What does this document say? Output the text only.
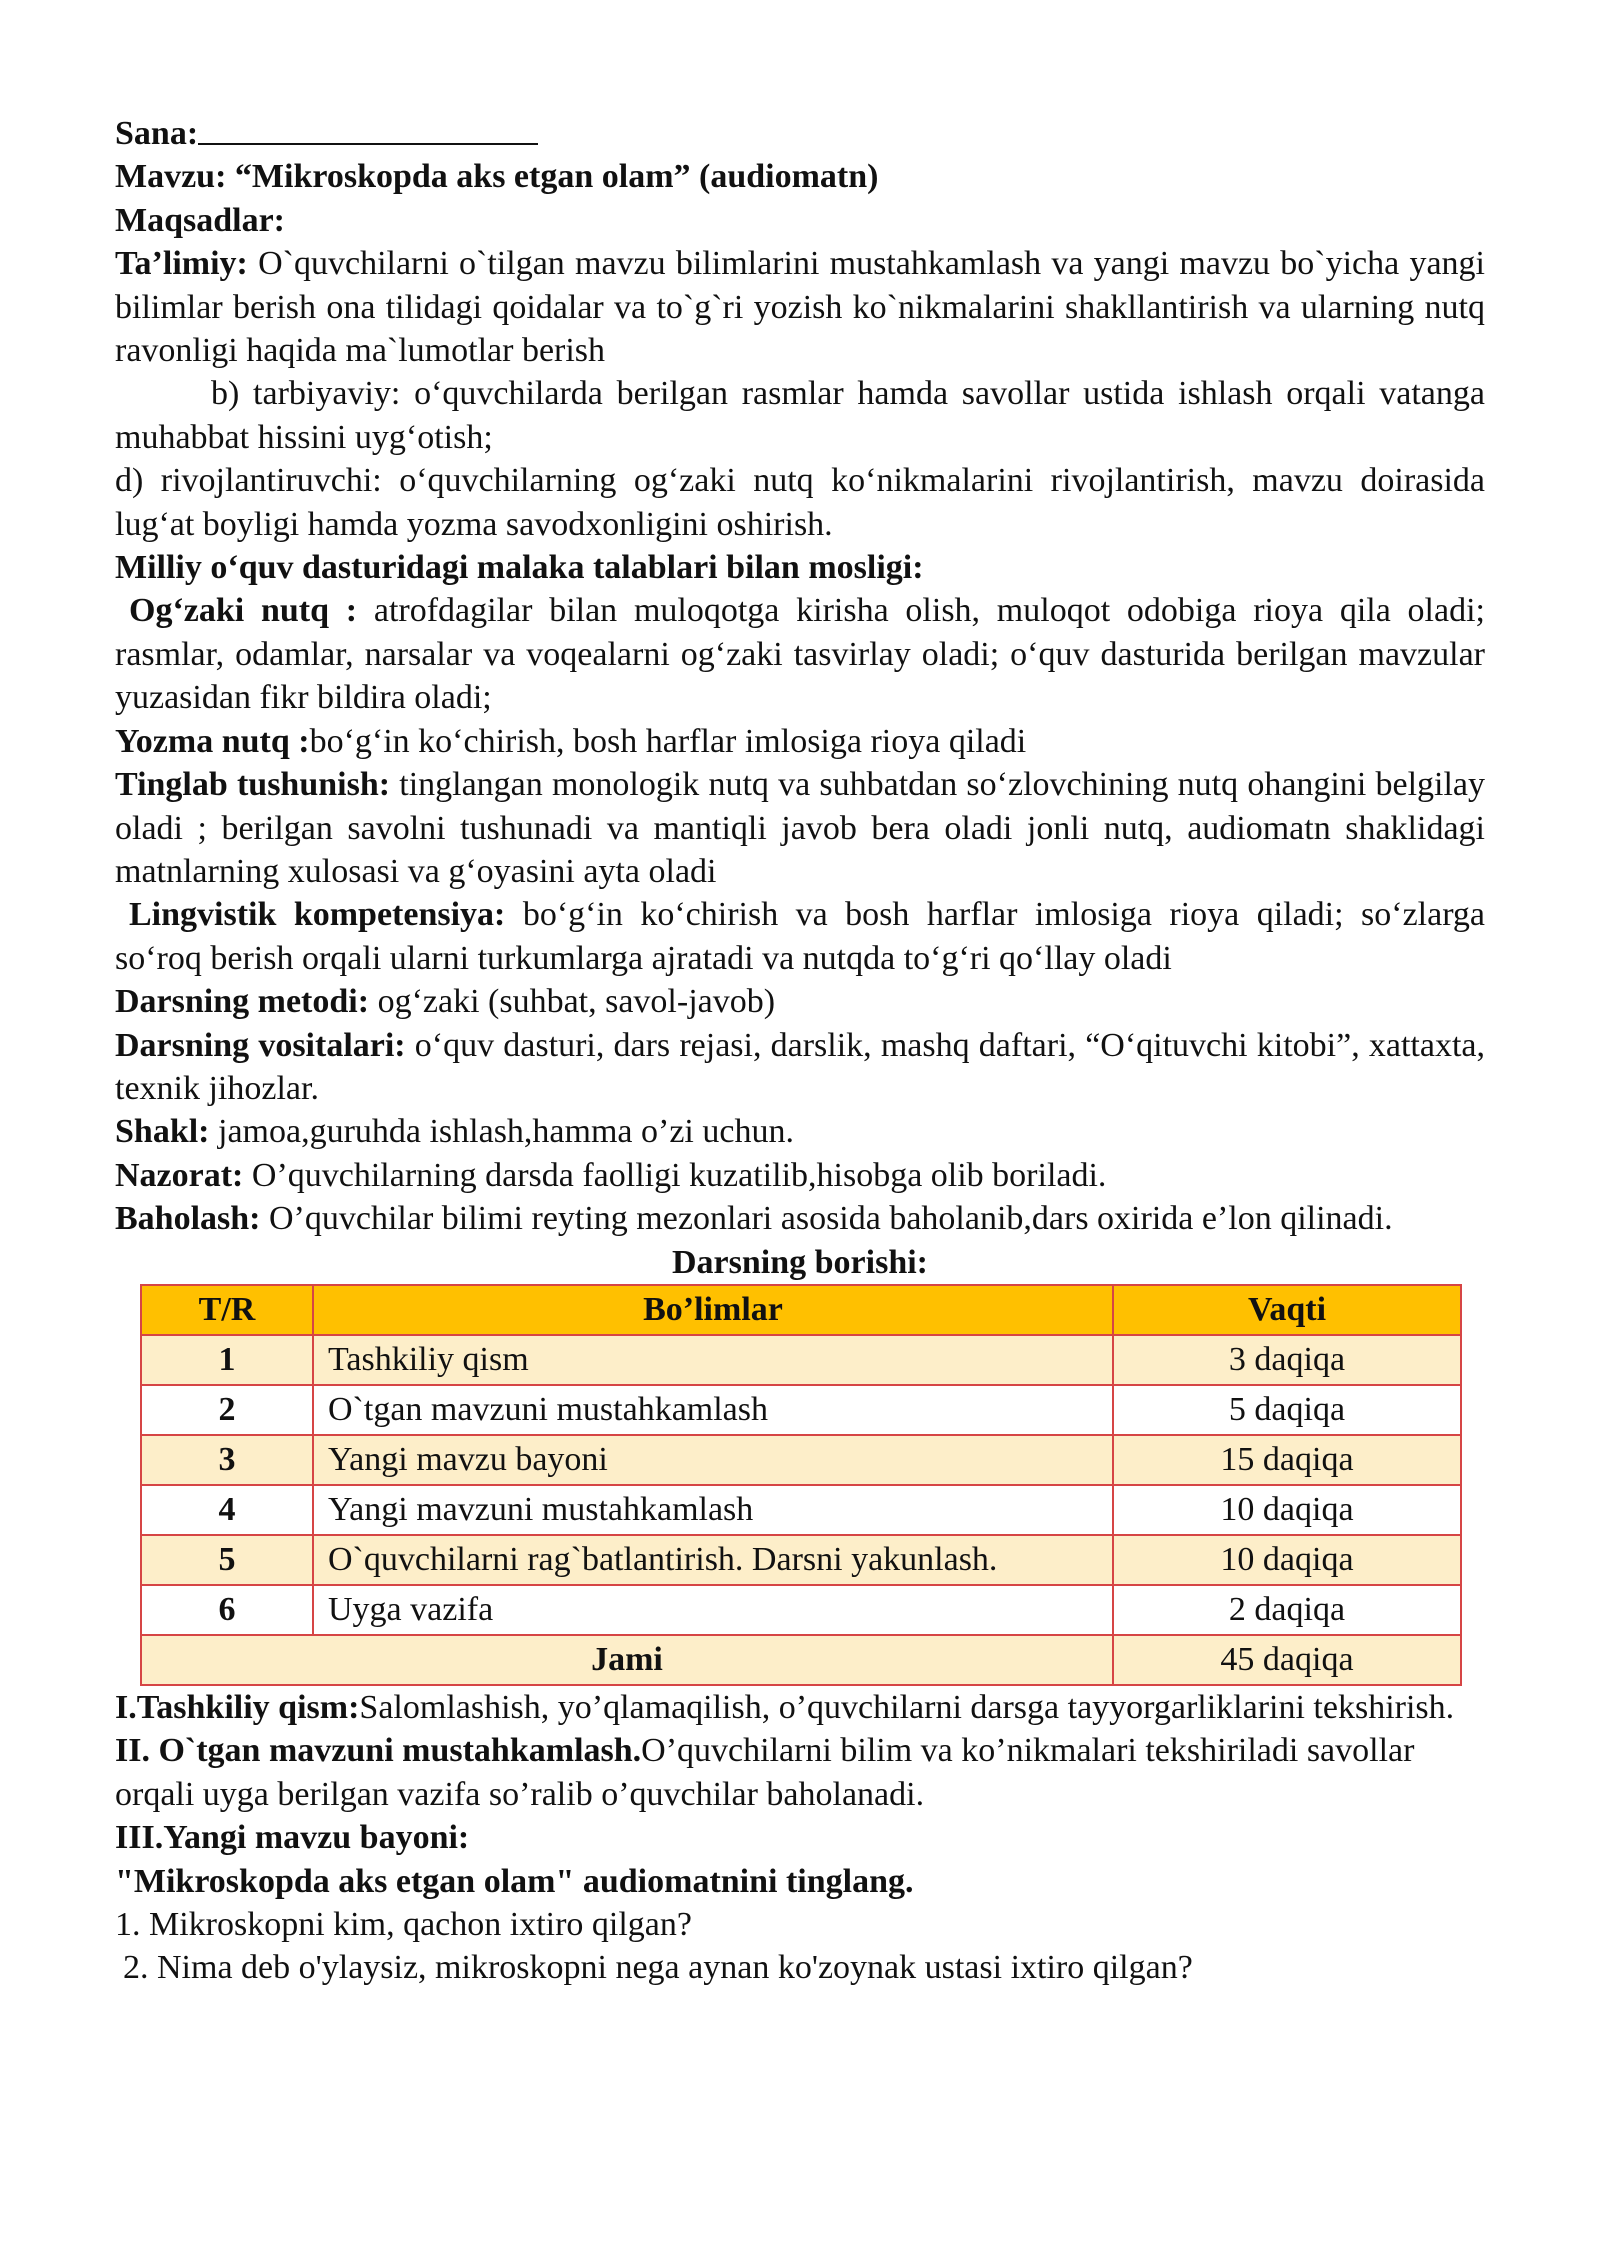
Sana:

Mavzu: “Mikroskopda aks etgan olam” (audiomatn)

Maqsadlar:

Ta’limiy: O`quvchilarni o`tilgan mavzu bilimlarini mustahkamlash va yangi mavzu bo`yicha yangi bilimlar berish ona tilidagi qoidalar va to`g`ri yozish ko`nikmalarini shakllantirish va ularning nutq ravonligi haqida ma`lumotlar berish

b) tarbiyaviy: o‘quvchilarda berilgan rasmlar hamda savollar ustida ishlash orqali vatanga muhabbat hissini uyg‘otish;

d) rivojlantiruvchi: o‘quvchilarning og‘zaki nutq ko‘nikmalarini rivojlantirish, mavzu doirasida lug‘at boyligi hamda yozma savodxonligini oshirish.

Milliy o‘quv dasturidagi malaka talablari bilan mosligi:

Og‘zaki nutq : atrofdagilar bilan muloqotga kirisha olish, muloqot odobiga rioya qila oladi; rasmlar, odamlar, narsalar va voqealarni og‘zaki tasvirlay oladi; o‘quv dasturida berilgan mavzular yuzasidan fikr bildira oladi;

Yozma nutq :bo‘g‘in ko‘chirish, bosh harflar imlosiga rioya qiladi

Tinglab tushunish: tinglangan monologik nutq va suhbatdan so‘zlovchining nutq ohangini belgilay oladi ; berilgan savolni tushunadi va mantiqli javob bera oladi jonli nutq, audiomatn shaklidagi matnlarning xulosasi va g‘oyasini ayta oladi

Lingvistik kompetensiya: bo‘g‘in ko‘chirish va bosh harflar imlosiga rioya qiladi; so‘zlarga so‘roq berish orqali ularni turkumlarga ajratadi va nutqda to‘g‘ri qo‘llay oladi

Darsning metodi: og‘zaki (suhbat, savol-javob)

Darsning vositalari: o‘quv dasturi, dars rejasi, darslik, mashq daftari, “O‘qituvchi kitobi”, xattaxta, texnik jihozlar.

Shakl: jamoa,guruhda ishlash,hamma o’zi uchun.

Nazorat: O’quvchilarning darsda faolligi kuzatilib,hisobga olib boriladi.

Baholash: O’quvchilar bilimi reyting mezonlari asosida baholanib,dars oxirida e’lon qilinadi.

Darsning borishi:

T/R	Bo’limlar	Vaqti
1	Tashkiliy qism	3 daqiqa
2	O`tgan mavzuni mustahkamlash	5 daqiqa
3	Yangi mavzu bayoni	15 daqiqa
4	Yangi mavzuni mustahkamlash	10 daqiqa
5	O`quvchilarni rag`batlantirish. Darsni yakunlash.	10 daqiqa
6	Uyga vazifa	2 daqiqa
Jami		45 daqiqa

I.Tashkiliy qism:Salomlashish, yo’qlamaqilish, o’quvchilarni darsga tayyorgarliklarini tekshirish.

II. O`tgan mavzuni mustahkamlash.O’quvchilarni bilim va ko’nikmalari tekshiriladi savollar orqali uyga berilgan vazifa so’ralib o’quvchilar baholanadi.

III.Yangi mavzu bayoni:

"Mikroskopda aks etgan olam" audiomatnini tinglang.

1. Mikroskopni kim, qachon ixtiro qilgan?

2. Nima deb o'ylaysiz, mikroskopni nega aynan ko'zoynak ustasi ixtiro qilgan?
